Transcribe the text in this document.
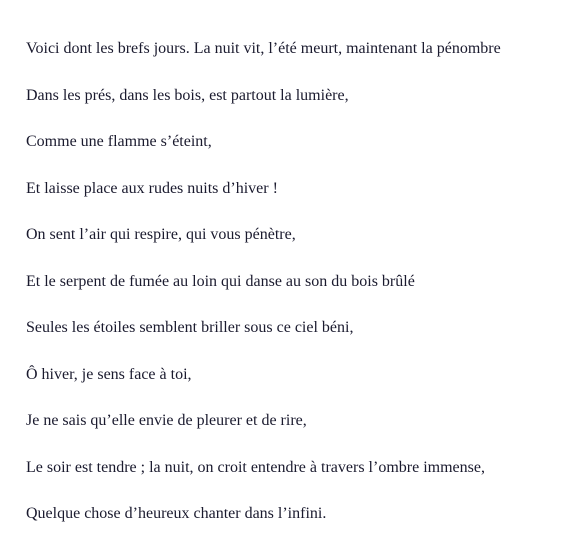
Voici dont les brefs jours. La nuit vit, l’été meurt, maintenant la pénombre

Dans les prés, dans les bois, est partout la lumière,

Comme une flamme s’éteint,

Et laisse place aux rudes nuits d’hiver !

On sent l’air qui respire, qui vous pénètre,

Et le serpent de fumée au loin qui danse au son du bois brûlé

Seules les étoiles semblent briller sous ce ciel béni,

Ô hiver, je sens face à toi,

Je ne sais qu’elle envie de pleurer et de rire,

Le soir est tendre ; la nuit, on croit entendre à travers l’ombre immense,

Quelque chose d’heureux chanter dans l’infini.
